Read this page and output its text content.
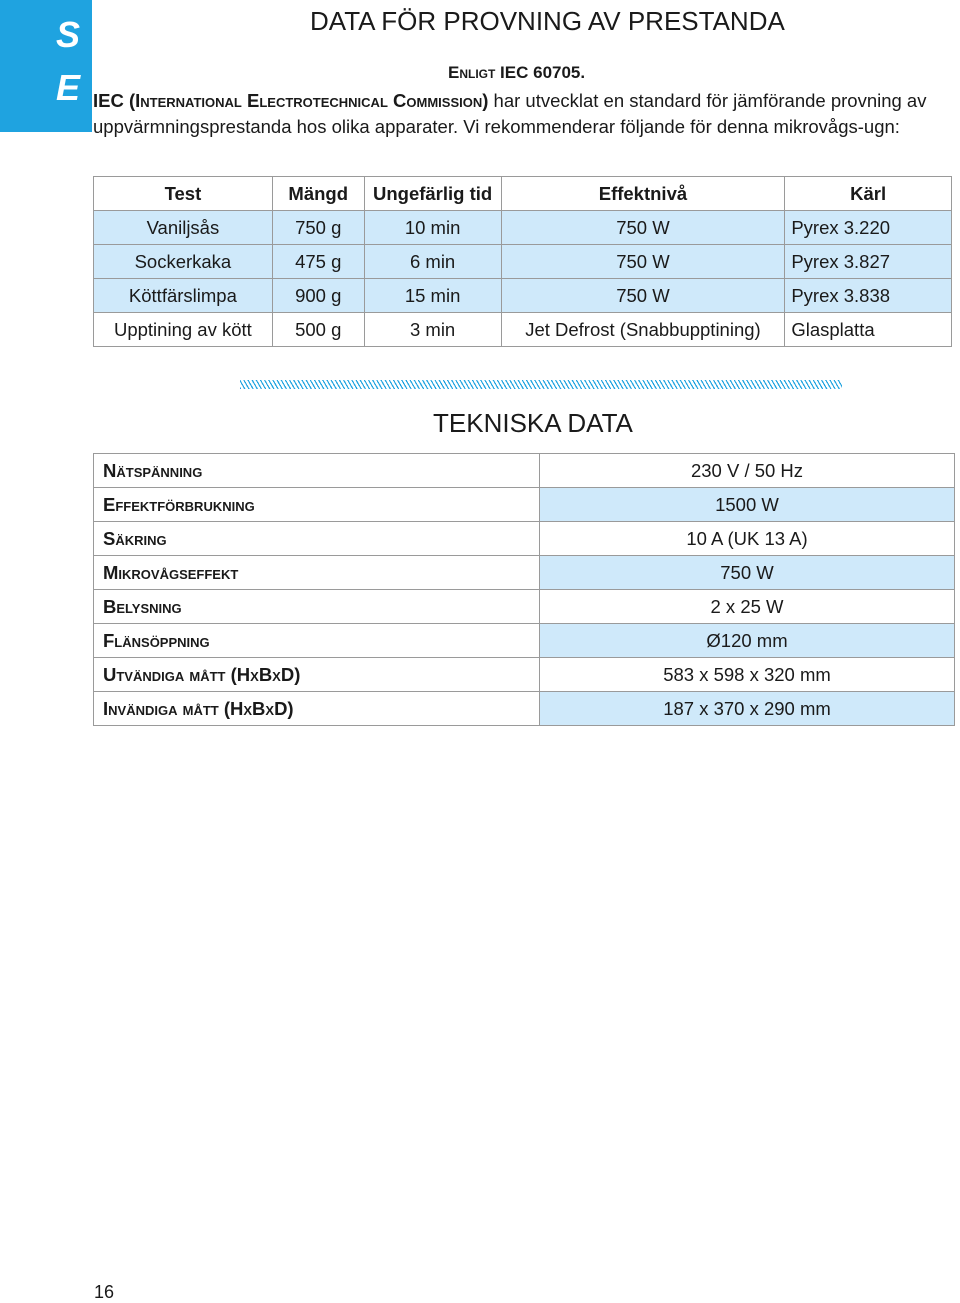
S
E
DATA FÖR PROVNING AV PRESTANDA

Enligt IEC 60705.

IEC (International Electrotechnical Commission) har utvecklat en standard för jämförande provning av uppvärmningsprestanda hos olika apparater. Vi rekommenderar följande för denna mikrovågs-ugn:

Test	Mängd	Ungefärlig tid	Effektnivå	Kärl
Vaniljsås	750 g	10 min	750 W	Pyrex 3.220
Sockerkaka	475 g	6 min	750 W	Pyrex 3.827
Köttfärslimpa	900 g	15 min	750 W	Pyrex 3.838
Upptining av kött	500 g	3 min	Jet Defrost (Snabbupptining)	Glasplatta
TEKNISKA DATA
Nätspänning	230 V / 50 Hz
Effektförbrukning	1500 W
Säkring	10 A (UK 13 A)
Mikrovågseffekt	750 W
Belysning	2 x 25 W
Flänsöppning	Ø120 mm
Utvändiga mått (HxBxD)	583 x 598 x 320 mm
Invändiga mått (HxBxD)	187 x 370 x 290 mm
16
